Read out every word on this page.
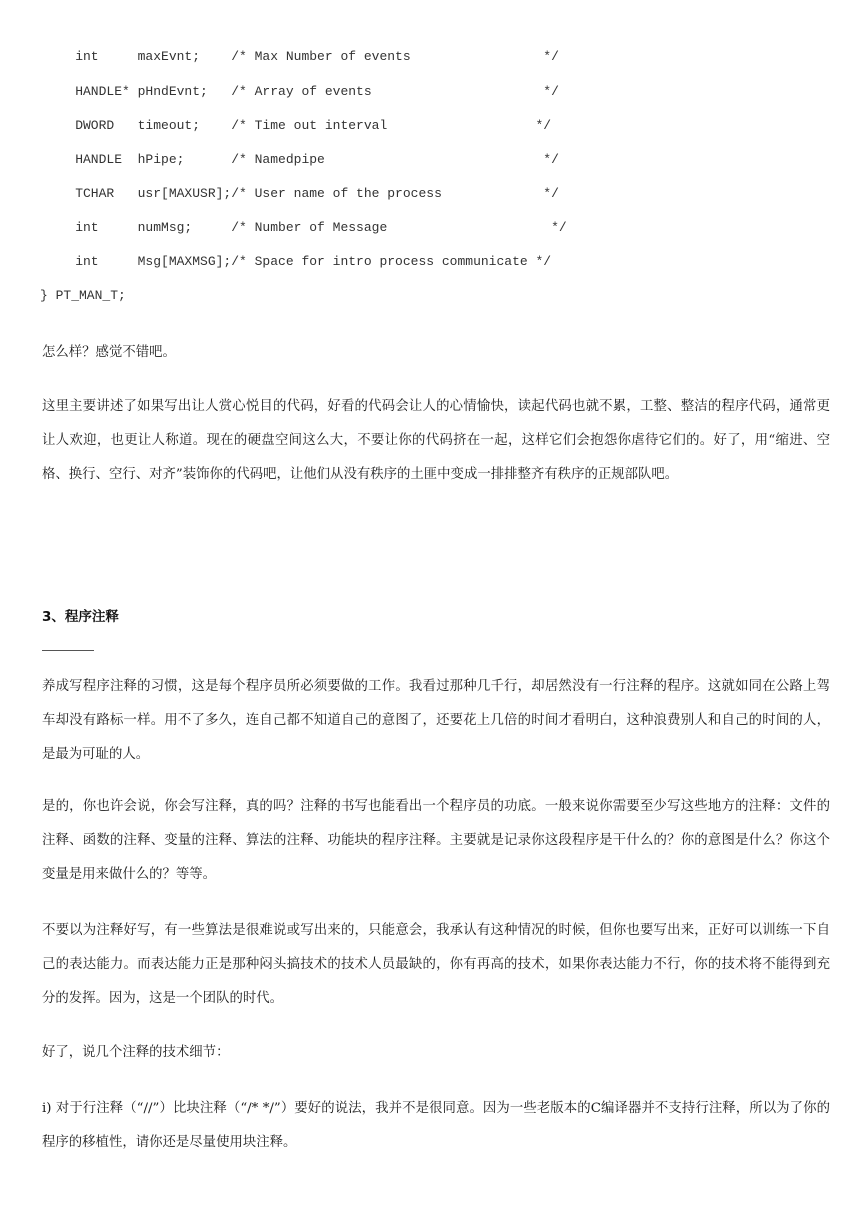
int     maxEvnt;    /* Max Number of events                 */
HANDLE* pHndEvnt;   /* Array of events                      */
DWORD   timeout;    /* Time out interval                   */
HANDLE  hPipe;      /* Namedpipe                            */
TCHAR   usr[MAXUSR];/* User name of the process             */
int     numMsg;     /* Number of Message                     */
int     Msg[MAXMSG];/* Space for intro process communicate */
} PT_MAN_T;

怎么样？感觉不错吧。

这里主要讲述了如果写出让人赏心悦目的代码，好看的代码会让人的心情愉快，读起代码也就不累，工整、整洁的程序代码，通常更让人欢迎，也更让人称道。现在的硬盘空间这么大，不要让你的代码挤在一起，这样它们会抱怨你虐待它们的。好了，用“缩进、空格、换行、空行、对齐”装饰你的代码吧，让他们从没有秩序的土匪中变成一排排整齐有秩序的正规部队吧。

3、程序注释

养成写程序注释的习惯，这是每个程序员所必须要做的工作。我看过那种几千行，却居然没有一行注释的程序。这就如同在公路上驾车却没有路标一样。用不了多久，连自己都不知道自己的意图了，还要花上几倍的时间才看明白，这种浪费别人和自己的时间的人，是最为可耻的人。

是的，你也许会说，你会写注释，真的吗？注释的书写也能看出一个程序员的功底。一般来说你需要至少写这些地方的注释：文件的注释、函数的注释、变量的注释、算法的注释、功能块的程序注释。主要就是记录你这段程序是干什么的？你的意图是什么？你这个变量是用来做什么的？等等。

不要以为注释好写，有一些算法是很难说或写出来的，只能意会，我承认有这种情况的时候，但你也要写出来，正好可以训练一下自己的表达能力。而表达能力正是那种闷头搞技术的技术人员最缺的，你有再高的技术，如果你表达能力不行，你的技术将不能得到充分的发挥。因为，这是一个团队的时代。

好了，说几个注释的技术细节：

i) 对于行注释（“//”）比块注释（“/* */”）要好的说法，我并不是很同意。因为一些老版本的C编译器并不支持行注释，所以为了你的程序的移植性，请你还是尽量使用块注释。
